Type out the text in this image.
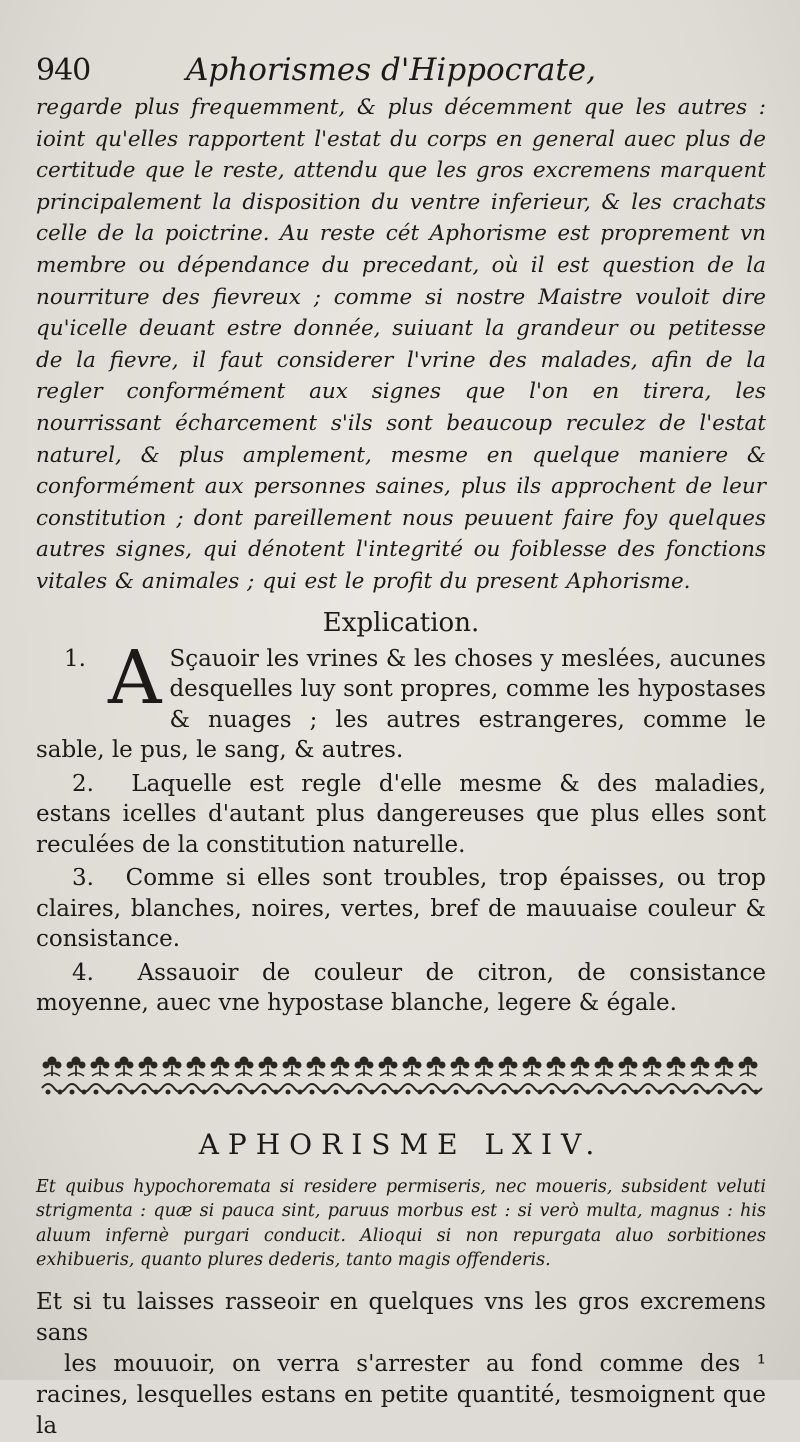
940	Aphorismes d'Hippocrate,

regarde plus frequemment, & plus décemment que les autres : ioint qu'elles rapportent l'estat du corps en general auec plus de certitude que le reste, attendu que les gros excremens marquent principalement la disposition du ventre inferieur, & les crachats celle de la poictrine. Au reste cét Aphorisme est proprement vn membre ou dépendance du precedant, où il est question de la nourriture des fievreux ; comme si nostre Maistre vouloit dire qu'icelle deuant estre donnée, suiuant la grandeur ou petitesse de la fievre, il faut considerer l'vrine des malades, afin de la regler conformément aux signes que l'on en tirera, les nourrissant écharcement s'ils sont beaucoup reculez de l'estat naturel, & plus amplement, mesme en quelque maniere & conformément aux personnes saines, plus ils approchent de leur constitution ; dont pareillement nous peuuent faire foy quelques autres signes, qui dénotent l'integrité ou foiblesse des fonctions vitales & animales ; qui est le profit du present Aphorisme.

Explication.

1. A Sçauoir les vrines & les choses y meslées, aucunes desquelles luy sont propres, comme les hypostases & nuages ; les autres estrangeres, comme le sable, le pus, le sang, & autres.

2. Laquelle est regle d'elle mesme & des maladies, estans icelles d'autant plus dangereuses que plus elles sont reculées de la constitution naturelle.

3. Comme si elles sont troubles, trop épaisses, ou trop claires, blanches, noires, vertes, bref de mauuaise couleur & consistance.

4. Assauoir de couleur de citron, de consistance moyenne, auec vne hypostase blanche, legere & égale.

APHORISME LXIV.

Et quibus hypochoremata si residere permiseris, nec moueris, subsident veluti strigmenta : quæ si pauca sint, paruus morbus est : si verò multa, magnus : his aluum infernè purgari conducit. Alioqui si non repurgata aluo sorbitiones exhibueris, quanto plures dederis, tanto magis offenderis.

Et si tu laisses rasseoir en quelques vns les gros excremens sans
les mouuoir, on verra s'arrester au fond comme des ¹ racines, lesquelles estans en petite quantité, tesmoignent que la
